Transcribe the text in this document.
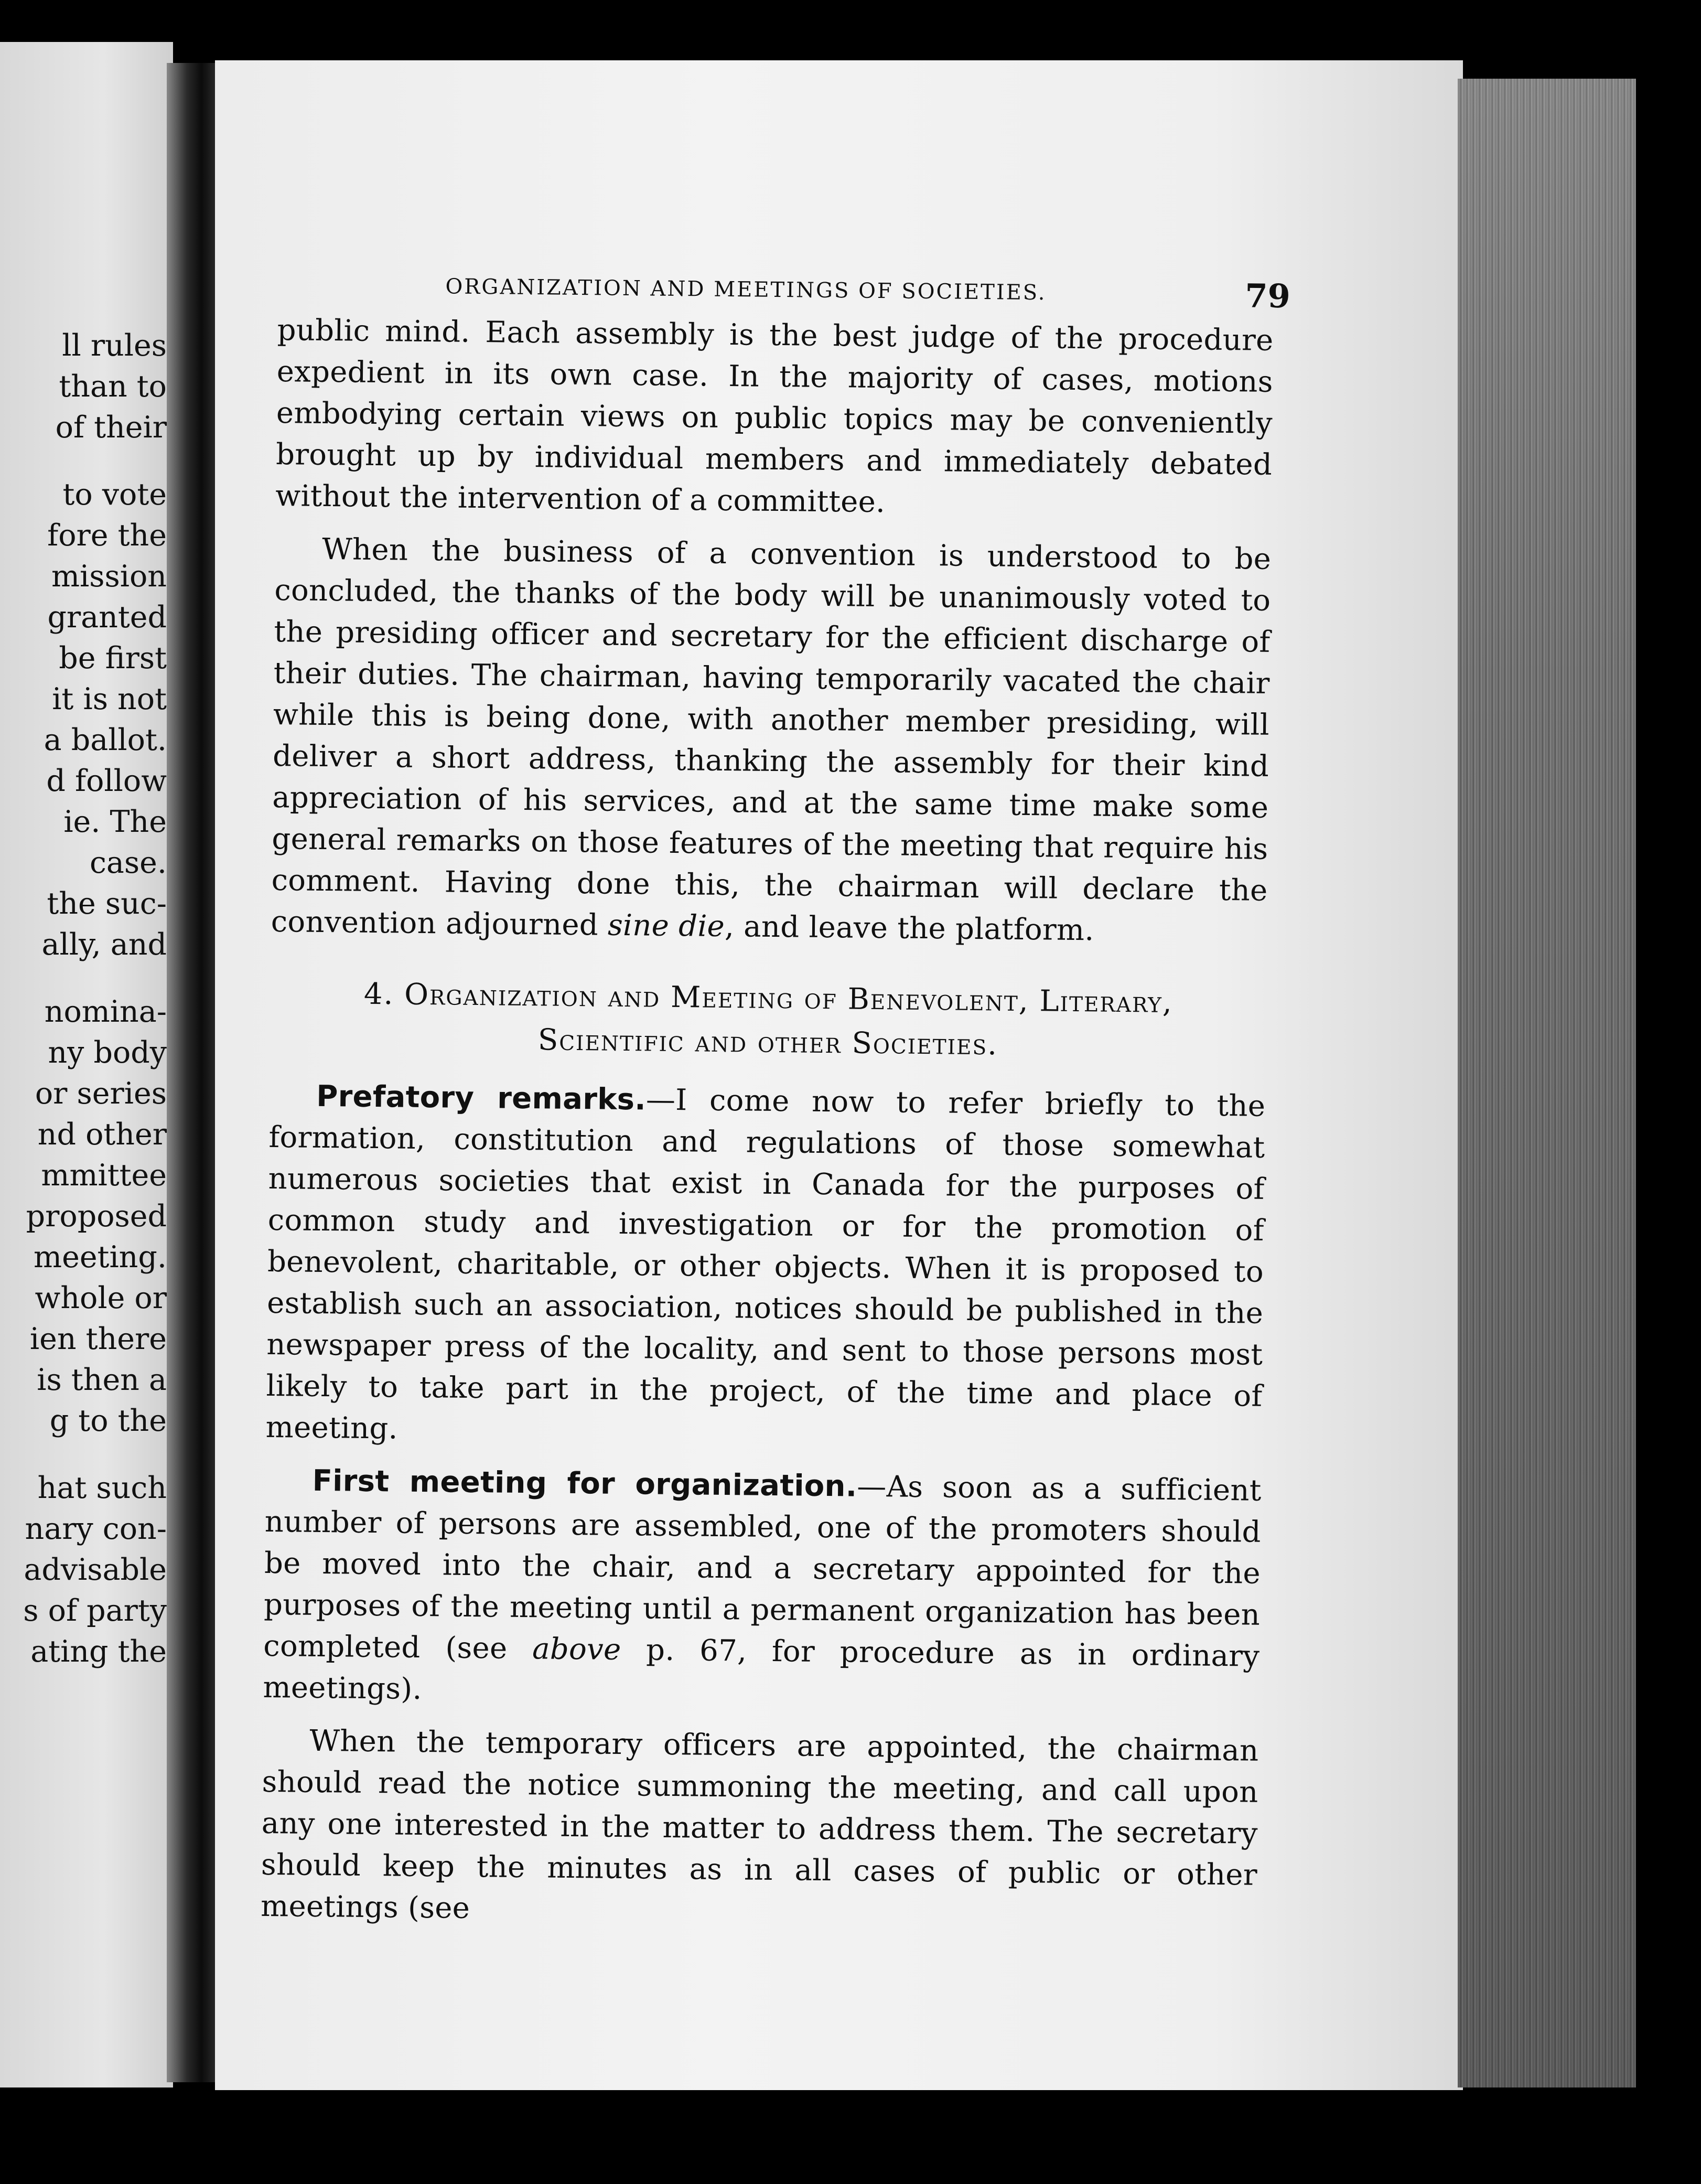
ll rules
than to
of their
to vote
fore the
mission
granted
be first
it is not
a ballot.
d follow
ie. The
case.
the suc-
ally, and
nomina-
ny body
or series
nd other
mmittee
proposed
meeting.
whole or
ien there
is then a
g to the
hat such
nary con-
advisable
s of party
ating the
ORGANIZATION AND MEETINGS OF SOCIETIES.	79

public mind. Each assembly is the best judge of the procedure expedient in its own case. In the majority of cases, motions embodying certain views on public topics may be conveniently brought up by individual members and immediately debated without the intervention of a committee.

When the business of a convention is understood to be concluded, the thanks of the body will be unanimously voted to the presiding officer and secretary for the efficient discharge of their duties. The chairman, having temporarily vacated the chair while this is being done, with another member presiding, will deliver a short address, thanking the assembly for their kind appreciation of his services, and at the same time make some general remarks on those features of the meeting that require his comment. Having done this, the chairman will declare the convention adjourned sine die, and leave the platform.

4. Organization and Meeting of Benevolent, Literary,
Scientific and other Societies.

Prefatory remarks.—I come now to refer briefly to the formation, constitution and regulations of those somewhat numerous societies that exist in Canada for the purposes of common study and investigation or for the promotion of benevolent, charitable, or other objects. When it is proposed to establish such an association, notices should be published in the newspaper press of the locality, and sent to those persons most likely to take part in the project, of the time and place of meeting.

First meeting for organization.—As soon as a sufficient number of persons are assembled, one of the promoters should be moved into the chair, and a secretary appointed for the purposes of the meeting until a permanent organization has been completed (see above p. 67, for procedure as in ordinary meetings).

When the temporary officers are appointed, the chairman should read the notice summoning the meeting, and call upon any one interested in the matter to address them. The secretary should keep the minutes as in all cases of public or other meetings (see
